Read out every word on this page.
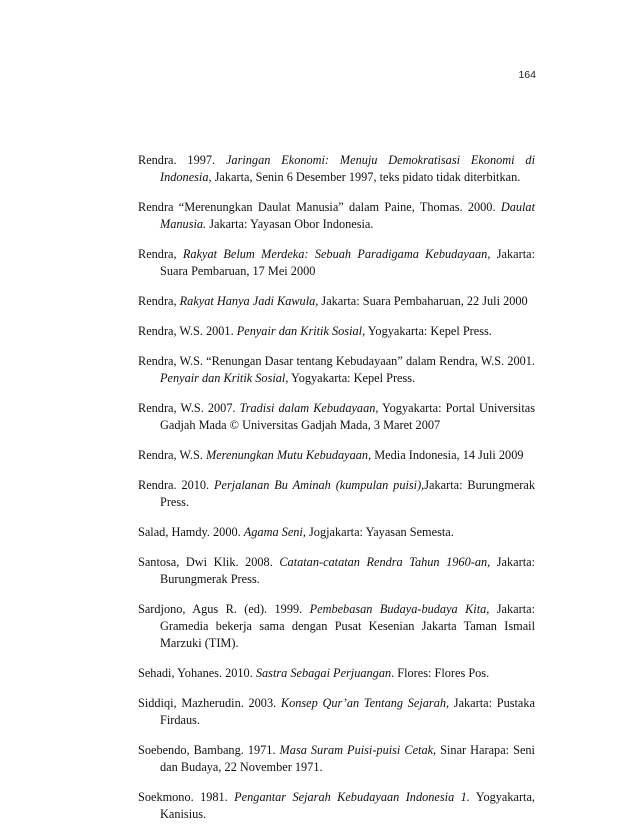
164

Rendra. 1997. Jaringan Ekonomi: Menuju Demokratisasi Ekonomi di Indonesia, Jakarta, Senin 6 Desember 1997, teks pidato tidak diterbitkan.

Rendra “Merenungkan Daulat Manusia” dalam Paine, Thomas. 2000. Daulat Manusia. Jakarta: Yayasan Obor Indonesia.

Rendra, Rakyat Belum Merdeka: Sebuah Paradigama Kebudayaan, Jakarta: Suara Pembaruan, 17 Mei 2000

Rendra, Rakyat Hanya Jadi Kawula, Jakarta: Suara Pembaharuan, 22 Juli 2000

Rendra, W.S. 2001. Penyair dan Kritik Sosial, Yogyakarta: Kepel Press.

Rendra, W.S. “Renungan Dasar tentang Kebudayaan” dalam Rendra, W.S. 2001. Penyair dan Kritik Sosial, Yogyakarta: Kepel Press.

Rendra, W.S. 2007. Tradisi dalam Kebudayaan, Yogyakarta: Portal Universitas Gadjah Mada © Universitas Gadjah Mada, 3 Maret 2007

Rendra, W.S. Merenungkan Mutu Kebudayaan, Media Indonesia, 14 Juli 2009

Rendra. 2010. Perjalanan Bu Aminah (kumpulan puisi),Jakarta: Burungmerak Press.

Salad, Hamdy. 2000. Agama Seni, Jogjakarta: Yayasan Semesta.

Santosa, Dwi Klik. 2008. Catatan-catatan Rendra Tahun 1960-an, Jakarta: Burungmerak Press.

Sardjono, Agus R. (ed). 1999. Pembebasan Budaya-budaya Kita, Jakarta: Gramedia bekerja sama dengan Pusat Kesenian Jakarta Taman Ismail Marzuki (TIM).

Sehadi, Yohanes. 2010. Sastra Sebagai Perjuangan. Flores: Flores Pos.

Siddiqi, Mazherudin. 2003. Konsep Qur’an Tentang Sejarah, Jakarta: Pustaka Firdaus.

Soebendo, Bambang. 1971. Masa Suram Puisi-puisi Cetak, Sinar Harapa: Seni dan Budaya, 22 November 1971.

Soekmono. 1981. Pengantar Sejarah Kebudayaan Indonesia 1. Yogyakarta, Kanisius.
